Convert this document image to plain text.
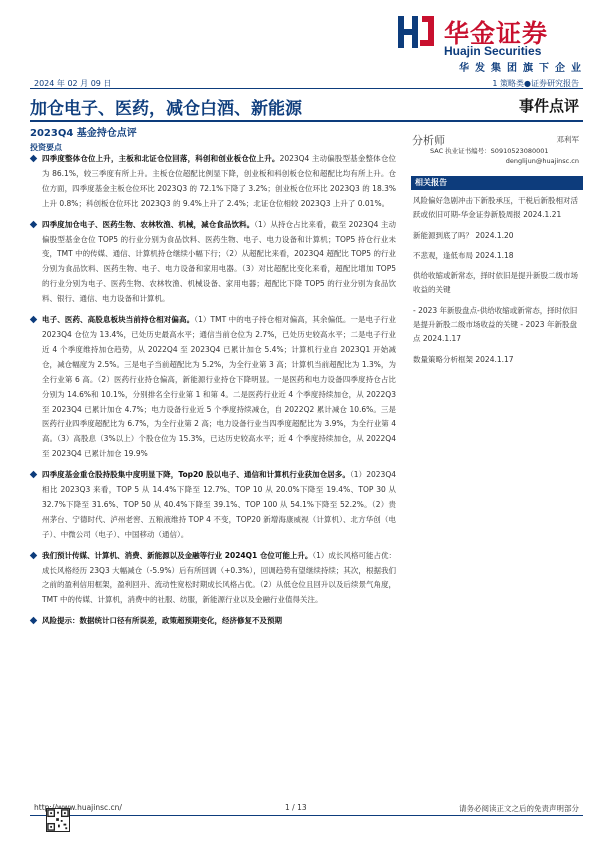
华金证券
Huajin Securities
华发集团旗下企业
2024 年 02 月 09 日	1 策略类●证券研究报告
加仓电子、医药，减仓白酒、新能源	事件点评
2023Q4 基金持仓点评
投资要点
四季度整体仓位上升，主板和北证仓位回落，科创和创业板仓位上升。2023Q4 主动偏股型基金整体仓位为 86.1%，较三季度有所上升。主板仓位超配比例显下降，创业板和科创板仓位和超配比均有所上升。仓位方面，四季度基金主板仓位环比 2023Q3 的 72.1%下降了 3.2%；创业板仓位环比 2023Q3 的 18.3%上升 0.8%；科创板仓位环比 2023Q3 的 9.4%上升了 2.4%；北证仓位相较 2023Q3 上升了 0.01%。
四季度加仓电子、医药生物、农林牧渔、机械，减仓食品饮料。（1）从持仓占比来看，截至 2023Q4 主动偏股型基金仓位 TOP5 的行业分别为食品饮料、医药生物、电子、电力设备和计算机；TOP5 持仓行业未变，TMT 中的传媒、通信、计算机持仓继续小幅下行；（2）从超配比来看，2023Q4 超配比 TOP5 的行业分别为食品饮料、医药生物、电子、电力设备和家用电器。（3）对比超配比变化来看，超配比增加 TOP5 的行业分别为电子、医药生物、农林牧渔、机械设备、家用电器；超配比下降 TOP5 的行业分别为食品饮料、银行、通信、电力设备和计算机。
电子、医药、高股息板块当前持仓相对偏高。（1）TMT 中的电子持仓相对偏高，其余偏低。一是电子行业 2023Q4 仓位为 13.4%，已处历史最高水平；通信当前仓位为 2.7%，已处历史较高水平；二是电子行业近 4 个季度维持加仓趋势，从 2022Q4 至 2023Q4 已累计加仓 5.4%；计算机行业自 2023Q1 开始减仓，减仓幅度为 2.5%。三是电子当前超配比为 5.2%，为全行业第 3 高；计算机当前超配比为 1.3%，为全行业第 6 高。（2）医药行业持仓偏高，新能源行业持仓下降明显。一是医药和电力设备四季度持仓占比分别为 14.6%和 10.1%，分别排名全行业第 1 和第 4。二是医药行业近 4 个季度持续加仓，从 2022Q3 至 2023Q4 已累计加仓 4.7%；电力设备行业近 5 个季度持续减仓，自 2022Q2 累计减仓 10.6%。三是医药行业四季度超配比为 6.7%，为全行业第 2 高；电力设备行业当四季度超配比为 3.9%，为全行业第 4 高。（3）高股息（3%以上）个股仓位为 15.3%，已达历史较高水平；近 4 个季度持续加仓，从 2022Q4 至 2023Q4 已累计加仓 19.9%
四季度基金重仓股持股集中度明显下降，Top20 股以电子、通信和计算机行业获加仓居多。（1）2023Q4 相比 2023Q3 来看，TOP 5 从 14.4%下降至 12.7%、TOP 10 从 20.0%下降至 19.4%、TOP 30 从 32.7%下降至 31.6%、TOP 50 从 40.4%下降至 39.1%、TOP 100 从 54.1%下降至 52.2%。（2）贵州茅台、宁德时代、泸州老窖、五粮液维持 TOP 4 不变，TOP20 新增海康威视（计算机）、北方华创（电子）、中微公司（电子）、中国移动（通信）。
我们预计传媒、计算机、消费、新能源以及金融等行业 2024Q1 仓位可能上升。（1）成长风格可能占优：成长风格经历 23Q3 大幅减仓（-5.9%）后有所回调（+0.3%），回调趋势有望继续持续；其次，根据我们之前的盈利信用框架，盈利回升、流动性宽松时期成长风格占优。（2）从低仓位且回升以及后续景气角度，TMT 中的传媒、计算机，消费中的社服、纺服，新能源行业以及金融行业值得关注。
风险提示：数据统计口径有所误差，政策超预期变化，经济修复不及预期
分析师	邓利军
SAC 执业证书编号：S0910523080001
denglijun@huajinsc.cn
相关报告
风险偏好急剧冲击下新股承压，干税后新股相对活跃或依旧可期-华金证券新股周报 2024.1.21
新能源到底了吗？ 2024.1.20
不悲观，逢低布局 2024.1.18
供给收缩或新常态，择时依旧是提升新股二级市场收益的关键
- 2023 年新股盘点-供给收缩或新常态，择时依旧是提升新股二级市场收益的关键 - 2023 年新股盘点 2024.1.17
数量策略分析框架 2024.1.17
http://www.huajinsc.cn/	1 / 13	请务必阅读正文之后的免责声明部分
